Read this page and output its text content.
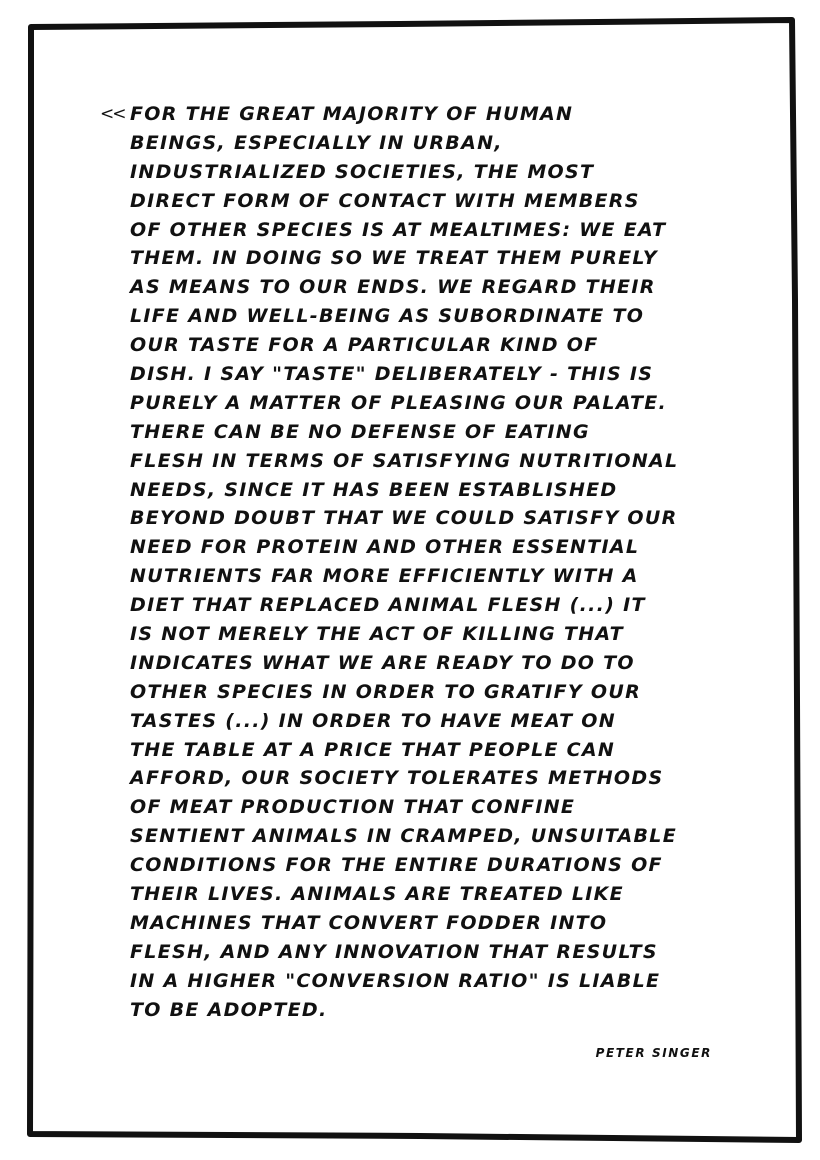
<< FOR THE GREAT MAJORITY OF HUMAN
BEINGS, ESPECIALLY IN URBAN,
INDUSTRIALIZED SOCIETIES, THE MOST
DIRECT FORM OF CONTACT WITH MEMBERS
OF OTHER SPECIES IS AT MEALTIMES: WE EAT
THEM. IN DOING SO WE TREAT THEM PURELY
AS MEANS TO OUR ENDS. WE REGARD THEIR
LIFE AND WELL-BEING AS SUBORDINATE TO
OUR TASTE FOR A PARTICULAR KIND OF
DISH. I SAY "TASTE" DELIBERATELY - THIS IS
PURELY A MATTER OF PLEASING OUR PALATE.
THERE CAN BE NO DEFENSE OF EATING
FLESH IN TERMS OF SATISFYING NUTRITIONAL
NEEDS, SINCE IT HAS BEEN ESTABLISHED
BEYOND DOUBT THAT WE COULD SATISFY OUR
NEED FOR PROTEIN AND OTHER ESSENTIAL
NUTRIENTS FAR MORE EFFICIENTLY WITH A
DIET THAT REPLACED ANIMAL FLESH (...) IT
IS NOT MERELY THE ACT OF KILLING THAT
INDICATES WHAT WE ARE READY TO DO TO
OTHER SPECIES IN ORDER TO GRATIFY OUR
TASTES (...) IN ORDER TO HAVE MEAT ON
THE TABLE AT A PRICE THAT PEOPLE CAN
AFFORD, OUR SOCIETY TOLERATES METHODS
OF MEAT PRODUCTION THAT CONFINE
SENTIENT ANIMALS IN CRAMPED, UNSUITABLE
CONDITIONS FOR THE ENTIRE DURATIONS OF
THEIR LIVES. ANIMALS ARE TREATED LIKE
MACHINES THAT CONVERT FODDER INTO
FLESH, AND ANY INNOVATION THAT RESULTS
IN A HIGHER "CONVERSION RATIO" IS LIABLE
TO BE ADOPTED.
PETER SINGER
